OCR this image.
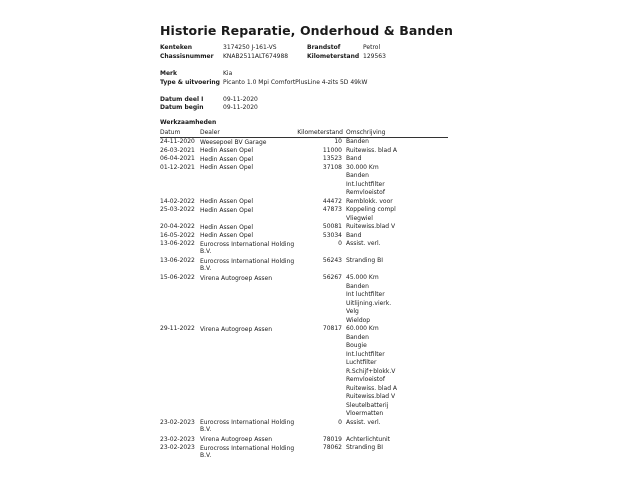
Historie Reparatie, Onderhoud & Banden
Kenteken	3174250 J-161-VS	Brandstof	Petrol
Chassisnummer KNAB2511ALT674988	Kilometerstand 129563
Merk	Kia
Type & uitvoering Picanto 1.0 Mpi ComfortPlusLine 4-zits 5D 49kW
Datum deel I	09-11-2020
Datum begin	09-11-2020
Werkzaamheden
Datum	Dealer	Kilometerstand Omschrijving
24-11-2020 Weesepoel BV Garage	10 Banden
26-03-2021 Hedin Assen Opel	11000 Ruitewiss. blad A
06-04-2021 Hedin Assen Opel	13523 Band
01-12-2021 Hedin Assen Opel	37108 30.000 Km
Banden
Int.luchtfilter
Remvloeistof
14-02-2022 Hedin Assen Opel	44472 Remblokk. voor
25-03-2022 Hedin Assen Opel	47873 Koppeling compl
Vliegwiel
20-04-2022 Hedin Assen Opel	50081 Ruitewiss.blad V
16-05-2022 Hedin Assen Opel	53034 Band
13-06-2022 Eurocross International Holding
B.V.
0 Assist. verl.
13-06-2022 Eurocross International Holding
B.V.
56243 Stranding BI
15-06-2022 Virena Autogroep Assen	56267 45.000 Km
Banden
Int luchtfilter
Uitlijning.vierk.
Velg
Wieldop
29-11-2022 Virena Autogroep Assen	70817 60.000 Km
Banden
Bougie
Int.luchtfilter
Luchtfilter
R.Schijf+blokk.V
Remvloeistof
Ruitewiss. blad A
Ruitewiss.blad V
Sleutelbatterij
Vloermatten
23-02-2023 Eurocross International Holding
B.V.
0 Assist. verl.
23-02-2023 Virena Autogroep Assen	78019 Achterlichtunit
23-02-2023 Eurocross International Holding
B.V.
78062 Stranding BI
